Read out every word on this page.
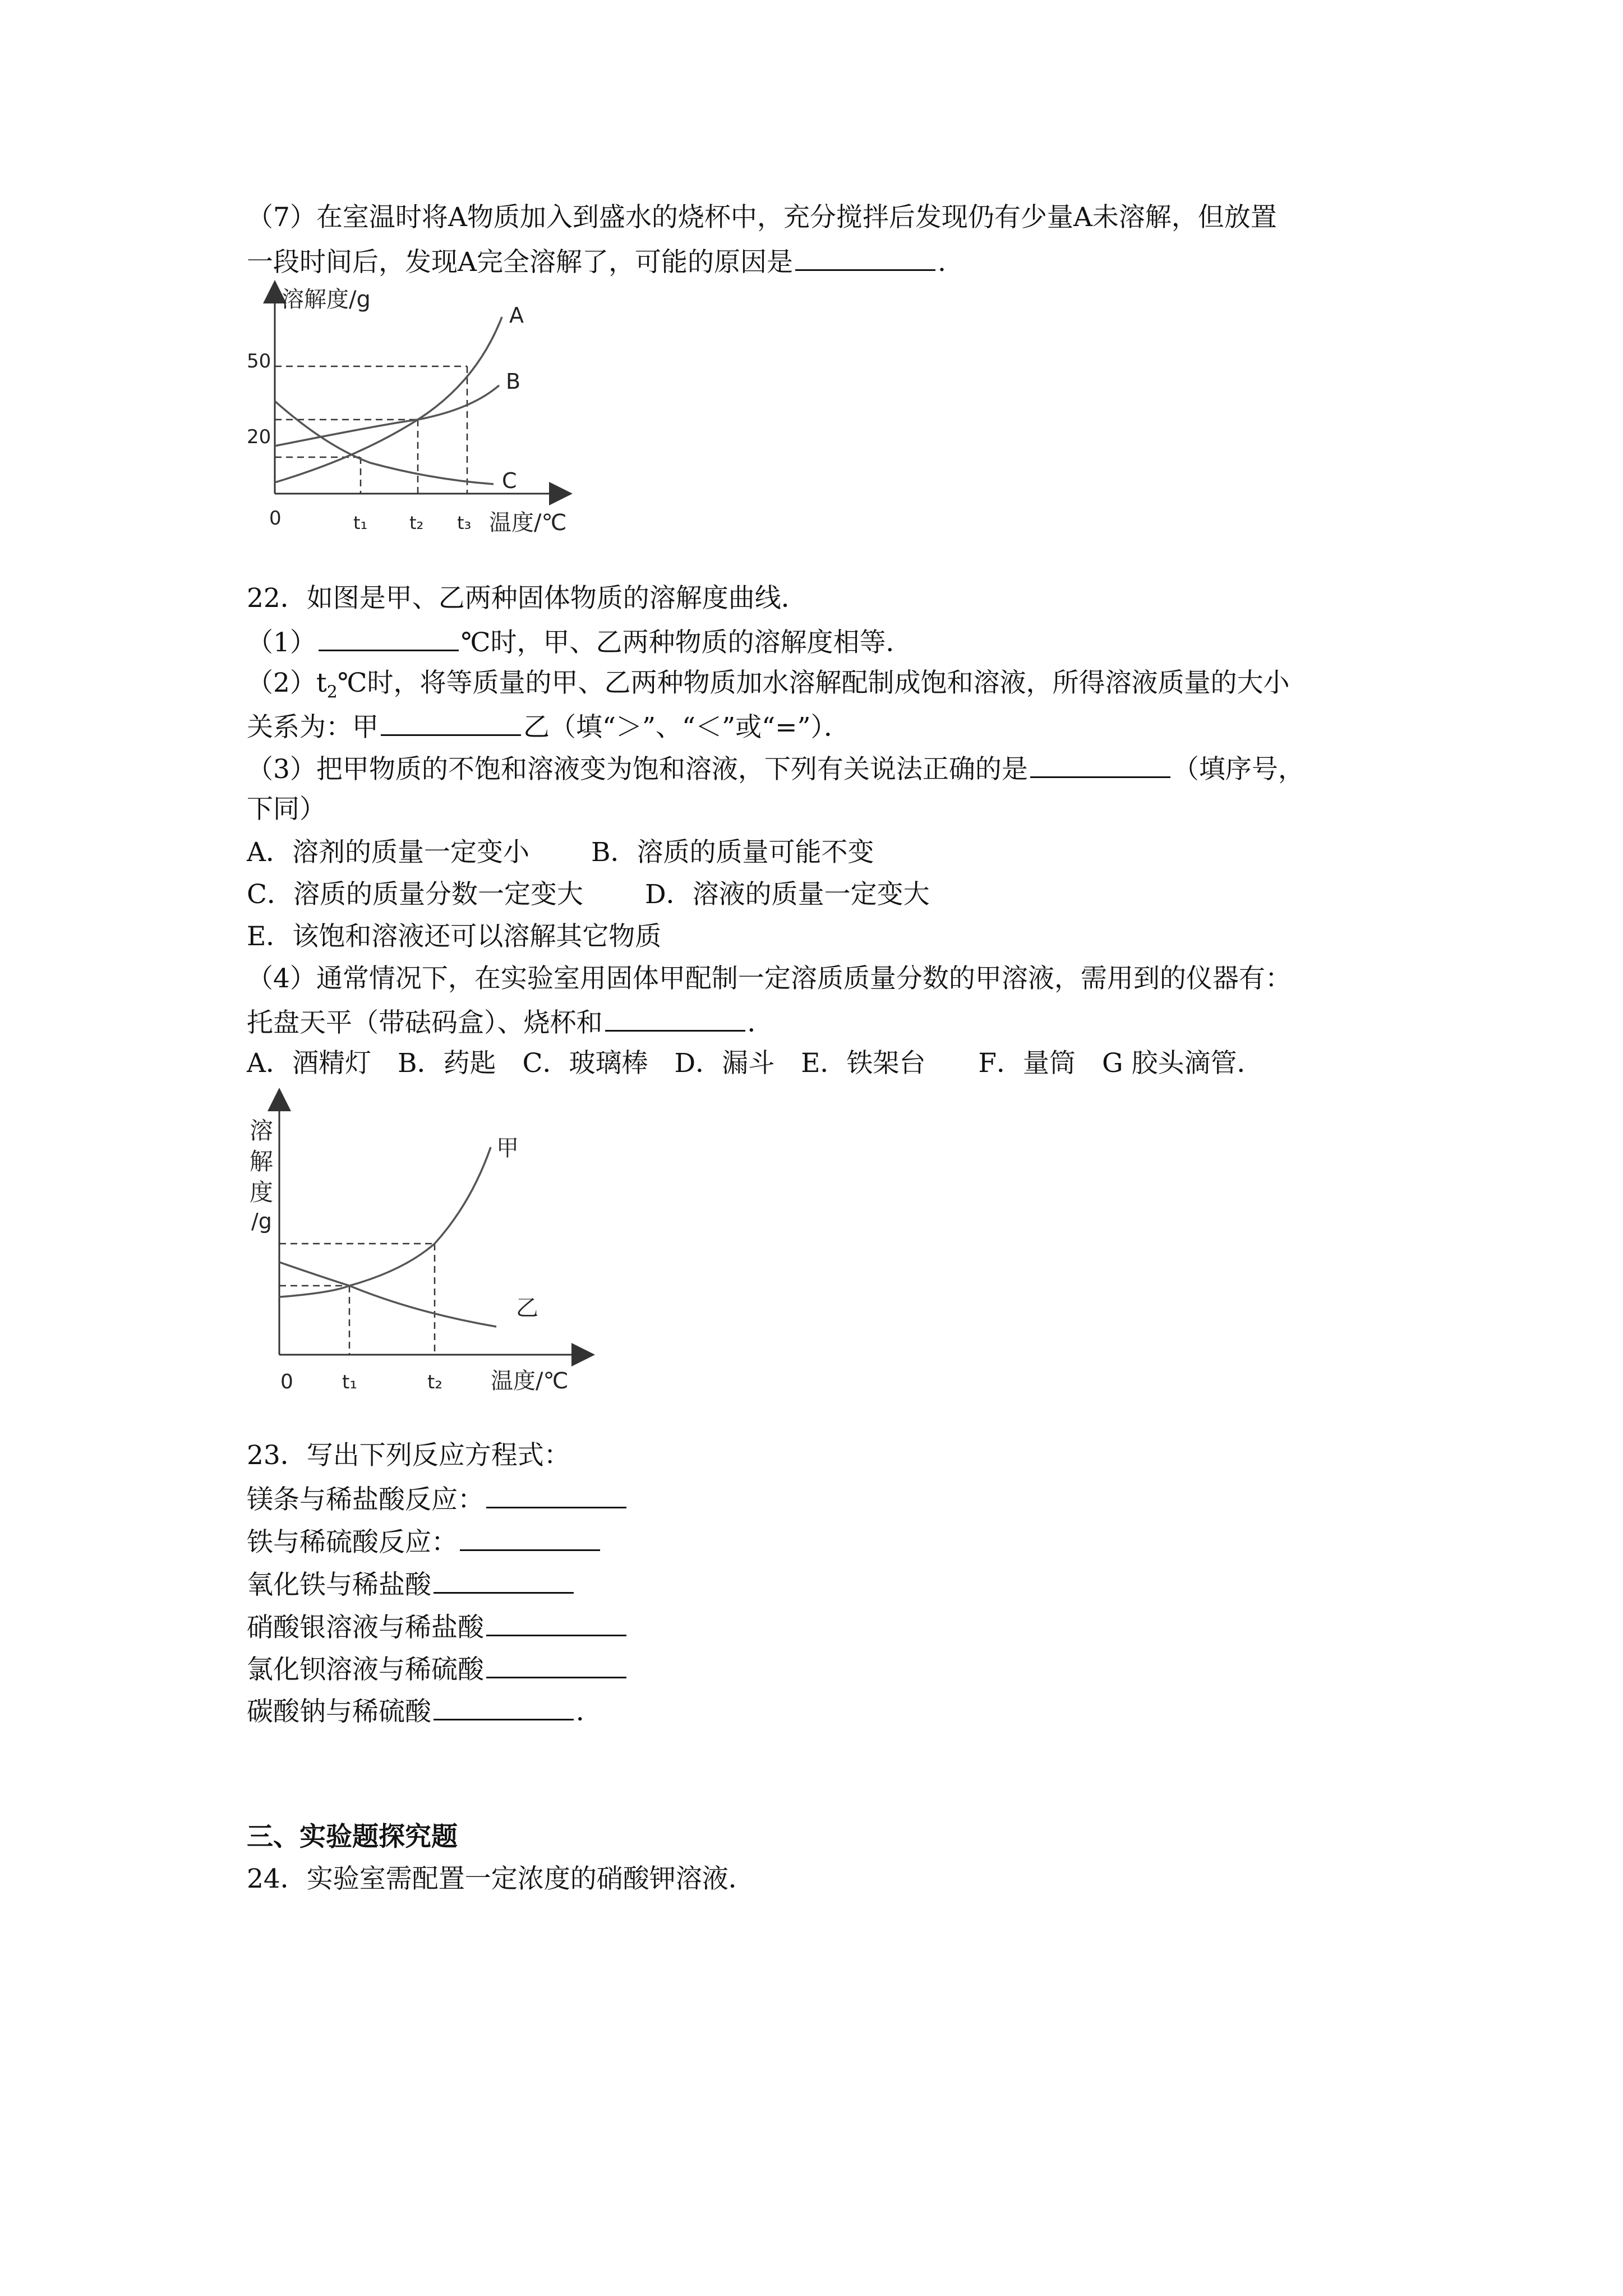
（7）在室温时将A物质加入到盛水的烧杯中，充分搅拌后发现仍有少量A未溶解，但放置
一段时间后，发现A完全溶解了，可能的原因是	.
溶解度/g
温度/℃
0
50
20
t₁ t₂ t₃
A
B
C
22．如图是甲、乙两种固体物质的溶解度曲线．
（1）	℃时，甲、乙两种物质的溶解度相等．
$(2)t_2℃$时，将等质量的甲、乙两种物质加水溶解配制成饱和溶液，所得溶液质量的大小
关系为：甲	乙（填“＞”、“＜”或“=”）．
（3）把甲物质的不饱和溶液变为饱和溶液，下列有关说法正确的是	（填序号，
下同）
A．溶剂的质量一定变小 B．溶质的质量可能不变
C．溶质的质量分数一定变大 D．溶液的质量一定变大
E．该饱和溶液还可以溶解其它物质
（4）通常情况下，在实验室用固体甲配制一定溶质质量分数的甲溶液，需用到的仪器有：
托盘天平（带砝码盒）、烧杯和	．
A．酒精灯　B．药匙　C．玻璃棒　D．漏斗　E．铁架台　　F．量筒　G 胶头滴管．
溶
解
度
/g
温度/℃
0	t₁	t₂
甲
乙
23．写出下列反应方程式：
镁条与稀盐酸反应：
铁与稀硫酸反应：
氧化铁与稀盐酸
硝酸银溶液与稀盐酸
氯化钡溶液与稀硫酸
碳酸钠与稀硫酸	．
三、实验题探究题
24．实验室需配置一定浓度的硝酸钾溶液．
